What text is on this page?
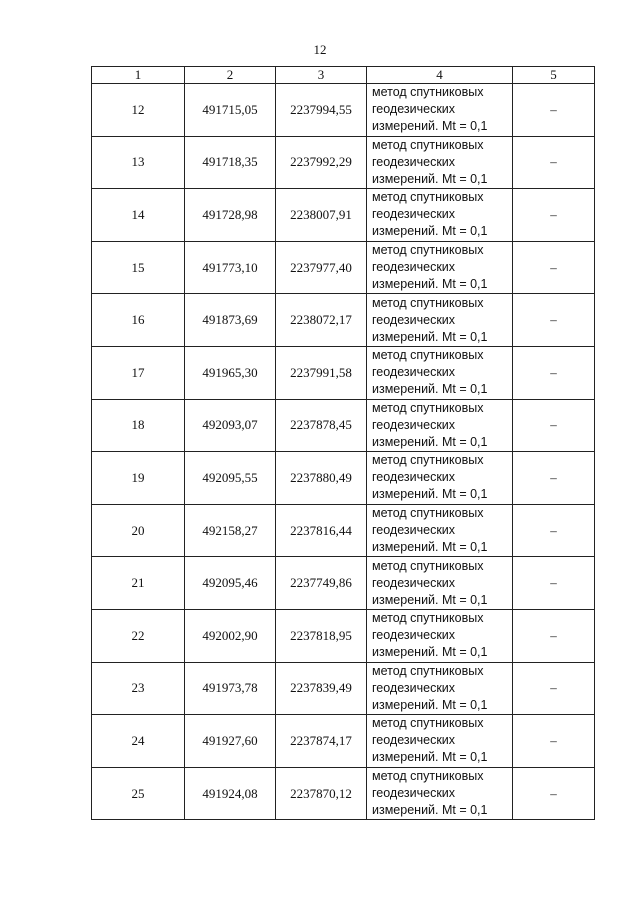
12
1	2	3	4	5
12	491715,05	2237994,55	метод спутниковых
геодезических
измерений. Mt = 0,1	–
13	491718,35	2237992,29	метод спутниковых
геодезических
измерений. Mt = 0,1	–
14	491728,98	2238007,91	метод спутниковых
геодезических
измерений. Mt = 0,1	–
15	491773,10	2237977,40	метод спутниковых
геодезических
измерений. Mt = 0,1	–
16	491873,69	2238072,17	метод спутниковых
геодезических
измерений. Mt = 0,1	–
17	491965,30	2237991,58	метод спутниковых
геодезических
измерений. Mt = 0,1	–
18	492093,07	2237878,45	метод спутниковых
геодезических
измерений. Mt = 0,1	–
19	492095,55	2237880,49	метод спутниковых
геодезических
измерений. Mt = 0,1	–
20	492158,27	2237816,44	метод спутниковых
геодезических
измерений. Mt = 0,1	–
21	492095,46	2237749,86	метод спутниковых
геодезических
измерений. Mt = 0,1	–
22	492002,90	2237818,95	метод спутниковых
геодезических
измерений. Mt = 0,1	–
23	491973,78	2237839,49	метод спутниковых
геодезических
измерений. Mt = 0,1	–
24	491927,60	2237874,17	метод спутниковых
геодезических
измерений. Mt = 0,1	–
25	491924,08	2237870,12	метод спутниковых
геодезических
измерений. Mt = 0,1	–
